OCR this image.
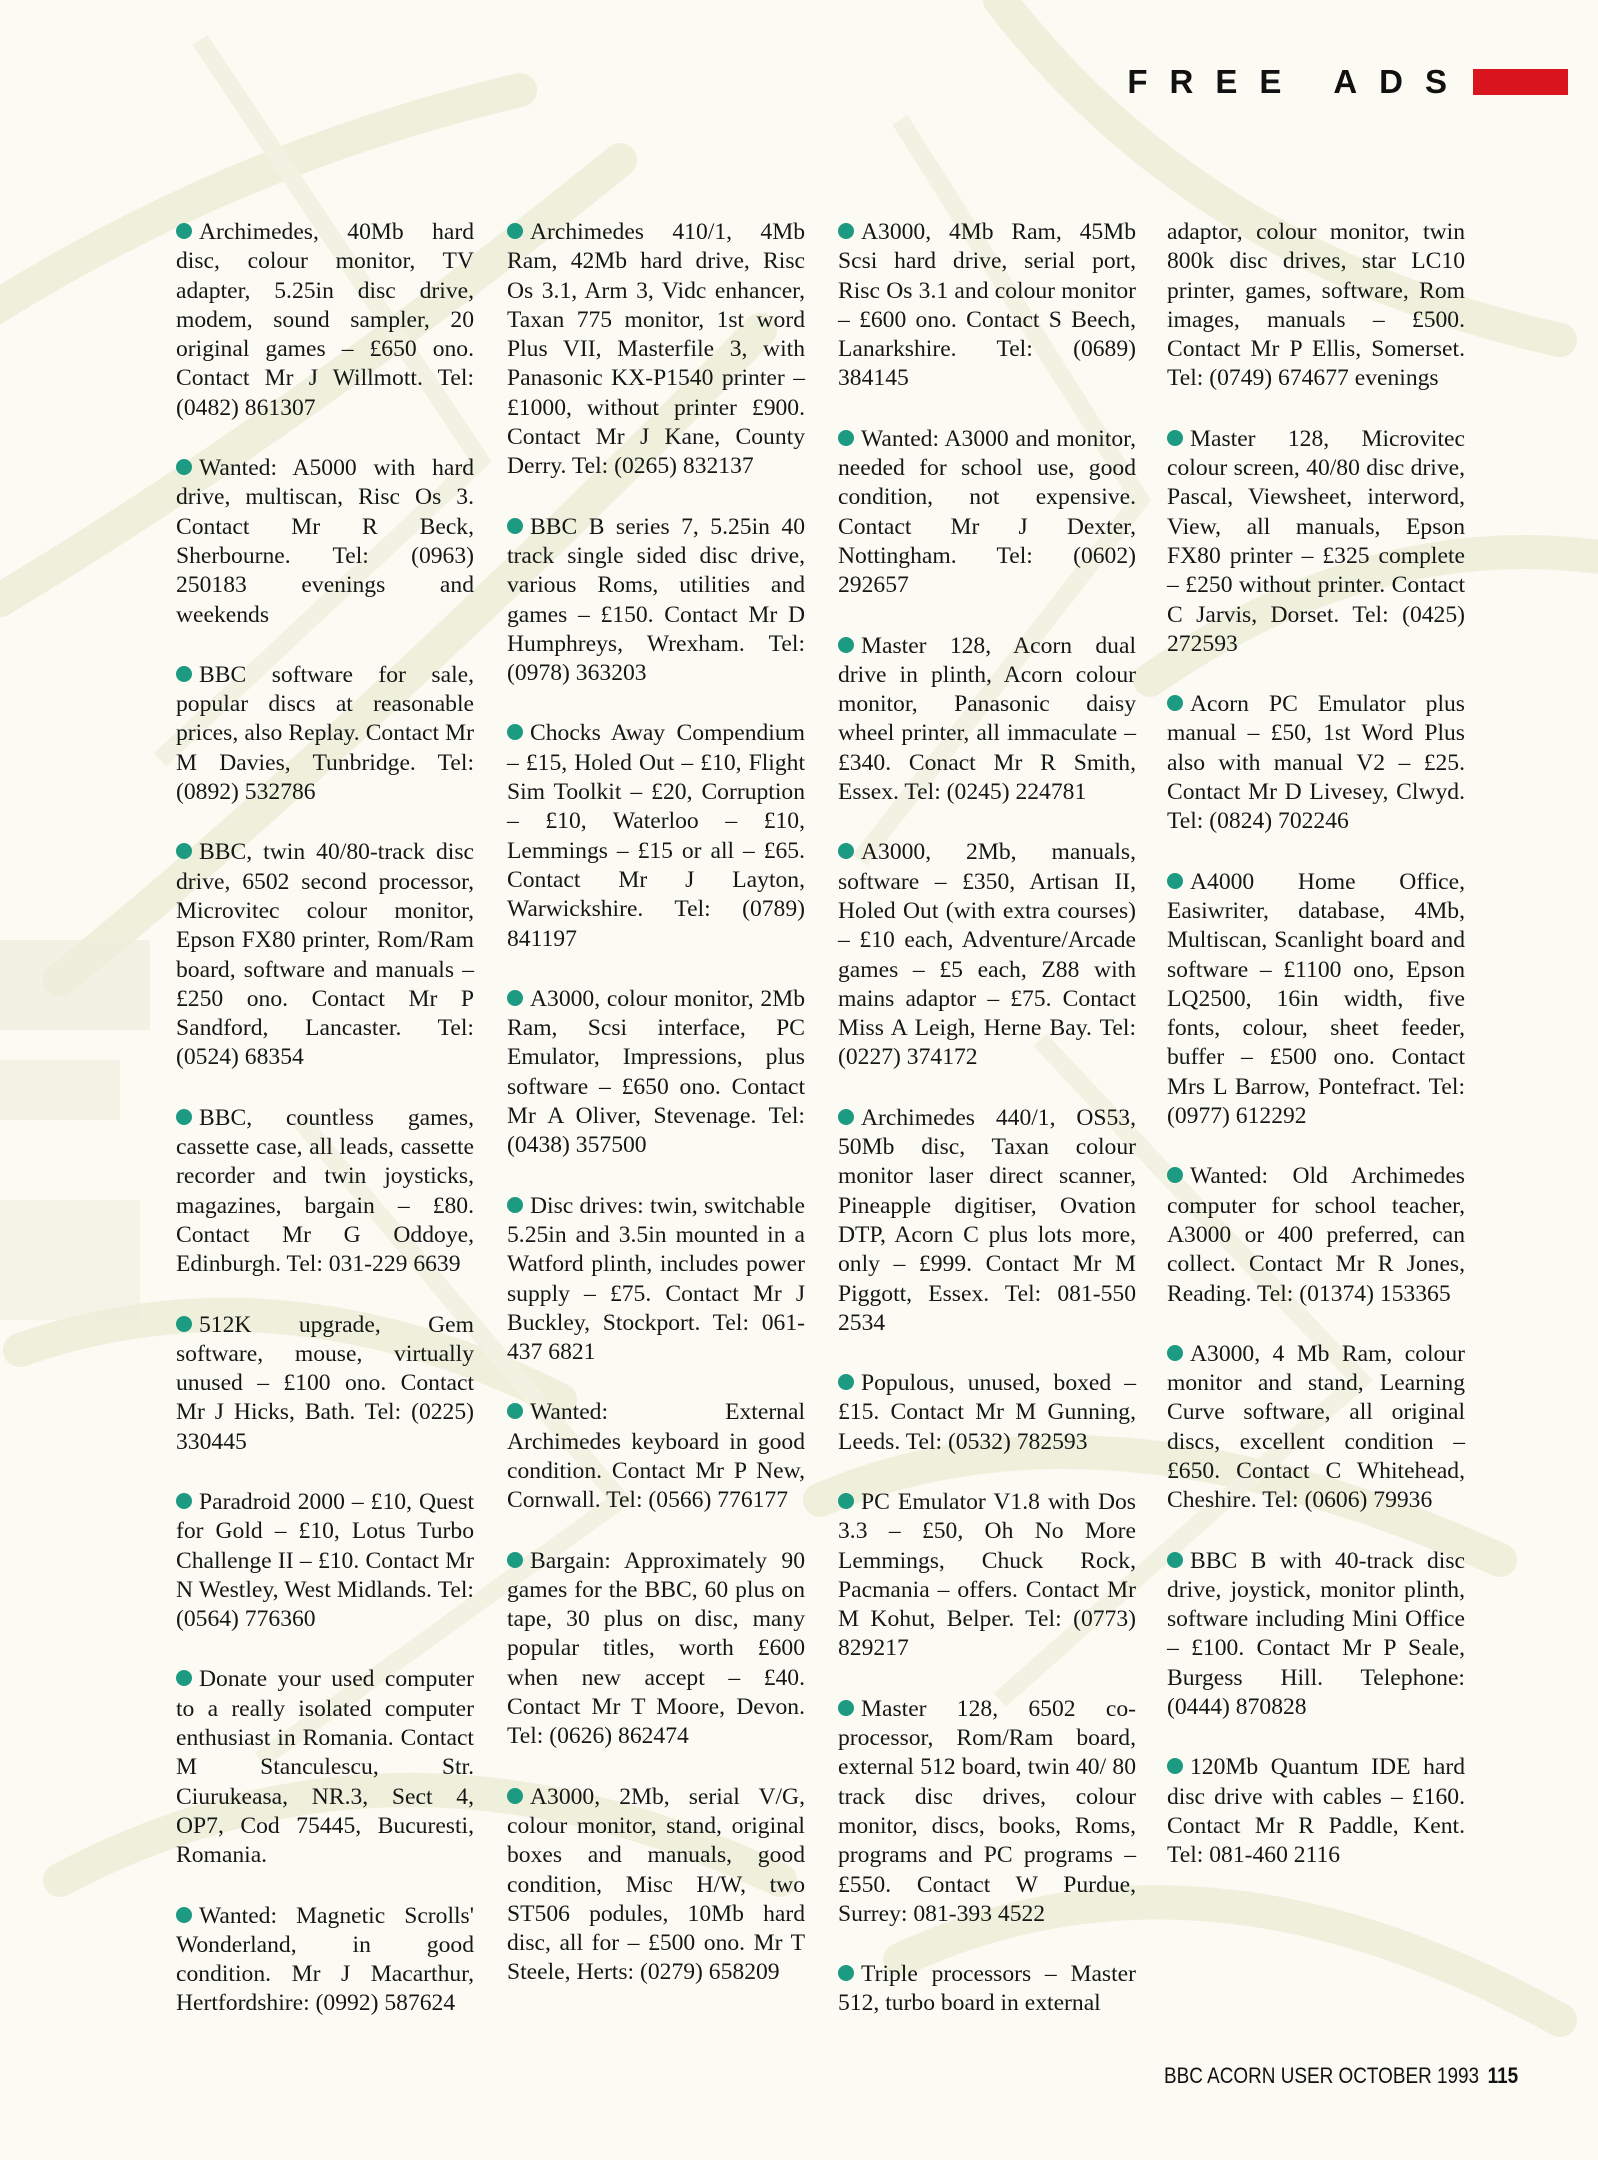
FREE ADS

Archimedes, 40Mb hard disc, colour monitor, TV adapter, 5.25in disc drive, modem, sound sampler, 20 original games – £650 ono. Contact Mr J Willmott. Tel: (0482) 861307

Wanted: A5000 with hard drive, multiscan, Risc Os 3. Contact Mr R Beck, Sherbourne. Tel: (0963) 250183 evenings and weekends

BBC software for sale, popular discs at reasonable prices, also Replay. Contact Mr M Davies, Tunbridge. Tel: (0892) 532786

BBC, twin 40/80-track disc drive, 6502 second processor, Microvitec colour monitor, Epson FX80 printer, Rom/Ram board, software and manuals – £250 ono. Contact Mr P Sandford, Lancaster. Tel: (0524) 68354

BBC, countless games, cassette case, all leads, cassette recorder and twin joysticks, magazines, bargain – £80. Contact Mr G Oddoye, Edinburgh. Tel: 031-229 6639

512K upgrade, Gem software, mouse, virtually unused – £100 ono. Contact Mr J Hicks, Bath. Tel: (0225) 330445

Paradroid 2000 – £10, Quest for Gold – £10, Lotus Turbo Challenge II – £10. Contact Mr N Westley, West Midlands. Tel: (0564) 776360

Donate your used computer to a really isolated computer enthusiast in Romania. Contact M Stanculescu, Str. Ciurukeasa, NR.3, Sect 4, OP7, Cod 75445, Bucuresti, Romania.

Wanted: Magnetic Scrolls' Wonderland, in good condition. Mr J Macarthur, Hertfordshire: (0992) 587624

Archimedes 410/1, 4Mb Ram, 42Mb hard drive, Risc Os 3.1, Arm 3, Vidc enhancer, Taxan 775 monitor, 1st word Plus VII, Masterfile 3, with Panasonic KX-P1540 printer – £1000, without printer £900. Contact Mr J Kane, County Derry. Tel: (0265) 832137

BBC B series 7, 5.25in 40 track single sided disc drive, various Roms, utilities and games – £150. Contact Mr D Humphreys, Wrexham. Tel: (0978) 363203

Chocks Away Compendium – £15, Holed Out – £10, Flight Sim Toolkit – £20, Corruption – £10, Waterloo – £10, Lemmings – £15 or all – £65. Contact Mr J Layton, Warwickshire. Tel: (0789) 841197

A3000, colour monitor, 2Mb Ram, Scsi interface, PC Emulator, Impressions, plus software – £650 ono. Contact Mr A Oliver, Stevenage. Tel: (0438) 357500

Disc drives: twin, switchable 5.25in and 3.5in mounted in a Watford plinth, includes power supply – £75. Contact Mr J Buckley, Stockport. Tel: 061-437 6821

Wanted: External Archimedes keyboard in good condition. Contact Mr P New, Cornwall. Tel: (0566) 776177

Bargain: Approximately 90 games for the BBC, 60 plus on tape, 30 plus on disc, many popular titles, worth £600 when new accept – £40. Contact Mr T Moore, Devon. Tel: (0626) 862474

A3000, 2Mb, serial V/G, colour monitor, stand, original boxes and manuals, good condition, Misc H/W, two ST506 podules, 10Mb hard disc, all for – £500 ono. Mr T Steele, Herts: (0279) 658209

A3000, 4Mb Ram, 45Mb Scsi hard drive, serial port, Risc Os 3.1 and colour monitor – £600 ono. Contact S Beech, Lanarkshire. Tel: (0689) 384145

Wanted: A3000 and monitor, needed for school use, good condition, not expensive. Contact Mr J Dexter, Nottingham. Tel: (0602) 292657

Master 128, Acorn dual drive in plinth, Acorn colour monitor, Panasonic daisy wheel printer, all immaculate – £340. Conact Mr R Smith, Essex. Tel: (0245) 224781

A3000, 2Mb, manuals, software – £350, Artisan II, Holed Out (with extra courses) – £10 each, Adventure/Arcade games – £5 each, Z88 with mains adaptor – £75. Contact Miss A Leigh, Herne Bay. Tel: (0227) 374172

Archimedes 440/1, OS53, 50Mb disc, Taxan colour monitor laser direct scanner, Pineapple digitiser, Ovation DTP, Acorn C plus lots more, only – £999. Contact Mr M Piggott, Essex. Tel: 081-550 2534

Populous, unused, boxed – £15. Contact Mr M Gunning, Leeds. Tel: (0532) 782593

PC Emulator V1.8 with Dos 3.3 – £50, Oh No More Lemmings, Chuck Rock, Pacmania – offers. Contact Mr M Kohut, Belper. Tel: (0773) 829217

Master 128, 6502 co-processor, Rom/Ram board, external 512 board, twin 40/ 80 track disc drives, colour monitor, discs, books, Roms, programs and PC programs – £550. Contact W Purdue, Surrey: 081-393 4522

Triple processors – Master 512, turbo board in external

adaptor, colour monitor, twin 800k disc drives, star LC10 printer, games, software, Rom images, manuals – £500. Contact Mr P Ellis, Somerset. Tel: (0749) 674677 evenings

Master 128, Microvitec colour screen, 40/80 disc drive, Pascal, Viewsheet, interword, View, all manuals, Epson FX80 printer – £325 complete – £250 without printer. Contact C Jarvis, Dorset. Tel: (0425) 272593

Acorn PC Emulator plus manual – £50, 1st Word Plus also with manual V2 – £25. Contact Mr D Livesey, Clwyd. Tel: (0824) 702246

A4000 Home Office, Easiwriter, database, 4Mb, Multiscan, Scanlight board and software – £1100 ono, Epson LQ2500, 16in width, five fonts, colour, sheet feeder, buffer – £500 ono. Contact Mrs L Barrow, Pontefract. Tel: (0977) 612292

Wanted: Old Archimedes computer for school teacher, A3000 or 400 preferred, can collect. Contact Mr R Jones, Reading. Tel: (01374) 153365

A3000, 4 Mb Ram, colour monitor and stand, Learning Curve software, all original discs, excellent condition – £650. Contact C Whitehead, Cheshire. Tel: (0606) 79936

BBC B with 40-track disc drive, joystick, monitor plinth, software including Mini Office – £100. Contact Mr P Seale, Burgess Hill. Telephone: (0444) 870828

120Mb Quantum IDE hard disc drive with cables – £160. Contact Mr R Paddle, Kent. Tel: 081-460 2116

BBC ACORN USER OCTOBER 1993 115
